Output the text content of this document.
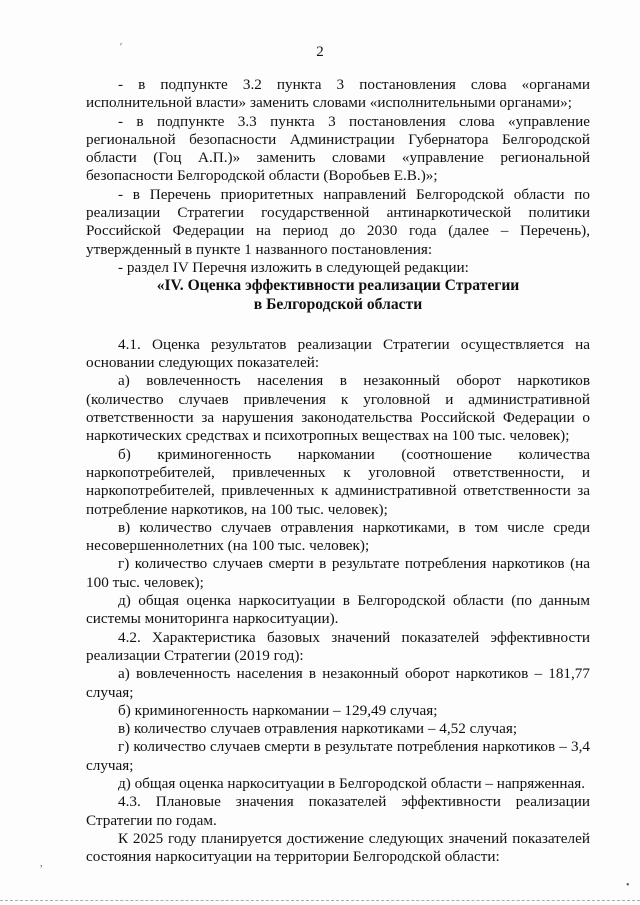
2

- в подпункте 3.2 пункта 3 постановления слова «органами исполнительной власти» заменить словами «исполнительными органами»;

- в подпункте 3.3 пункта 3 постановления слова «управление региональной безопасности Администрации Губернатора Белгородской области (Гоц А.П.)» заменить словами «управление региональной безопасности Белгородской области (Воробьев Е.В.)»;

- в Перечень приоритетных направлений Белгородской области по реализации Стратегии государственной антинаркотической политики Российской Федерации на период до 2030 года (далее – Перечень), утвержденный в пункте 1 названного постановления:

- раздел IV Перечня изложить в следующей редакции:

«IV. Оценка эффективности реализации Стратегии

в Белгородской области

4.1. Оценка результатов реализации Стратегии осуществляется на основании следующих показателей:

а) вовлеченность населения в незаконный оборот наркотиков (количество случаев привлечения к уголовной и административной ответственности за нарушения законодательства Российской Федерации о наркотических средствах и психотропных веществах на 100 тыс. человек);

б) криминогенность наркомании (соотношение количества наркопотребителей, привлеченных к уголовной ответственности, и наркопотребителей, привлеченных к административной ответственности за потребление наркотиков, на 100 тыс. человек);

в) количество случаев отравления наркотиками, в том числе среди несовершеннолетних (на 100 тыс. человек);

г) количество случаев смерти в результате потребления наркотиков (на 100 тыс. человек);

д) общая оценка наркоситуации в Белгородской области (по данным системы мониторинга наркоситуации).

4.2. Характеристика базовых значений показателей эффективности реализации Стратегии (2019 год):

а) вовлеченность населения в незаконный оборот наркотиков – 181,77 случая;

б) криминогенность наркомании – 129,49 случая;

в) количество случаев отравления наркотиками – 4,52 случая;

г) количество случаев смерти в результате потребления наркотиков – 3,4 случая;

д) общая оценка наркоситуации в Белгородской области – напряженная.

4.3. Плановые значения показателей эффективности реализации Стратегии по годам.

К 2025 году планируется достижение следующих значений показателей состояния наркоситуации на территории Белгородской области:

′
,
•
